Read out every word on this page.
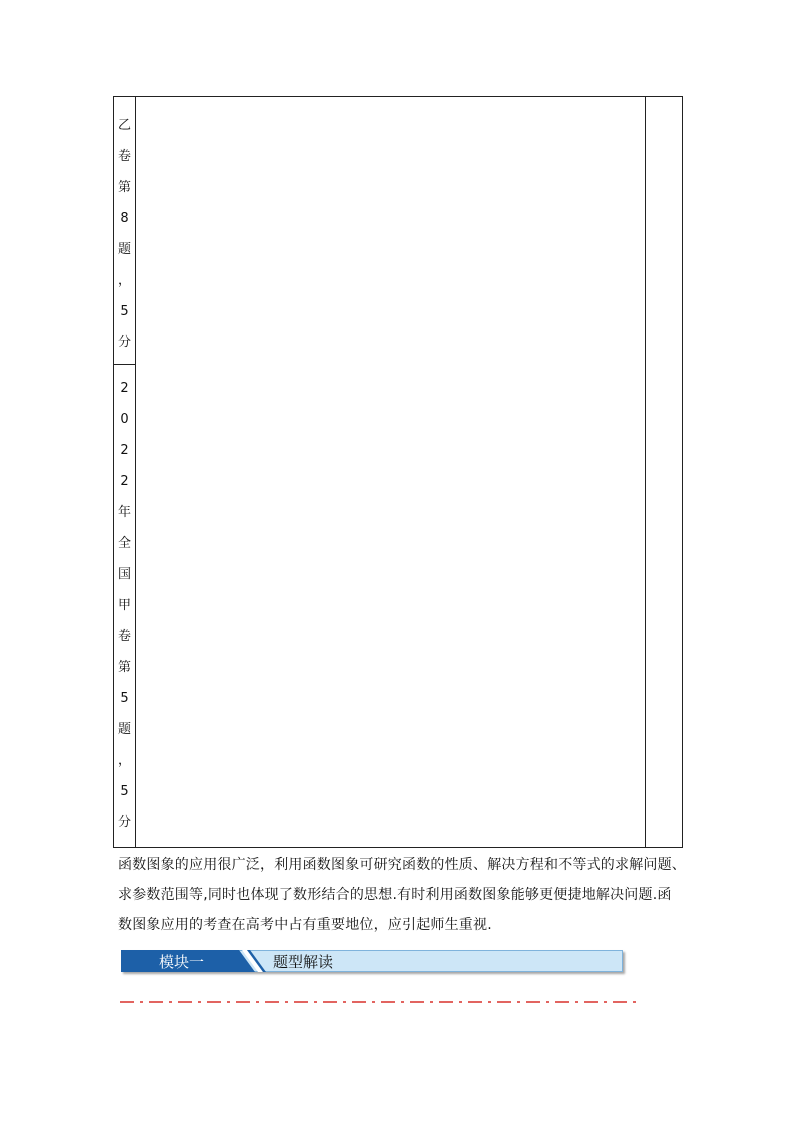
乙
卷
第
8
题
，
5
分
2
0
2
2
年
全
国
甲
卷
第
5
题
，
5
分
函数图象的应用很广泛，利用函数图象可研究函数的性质、解决方程和不等式的求解问题、
求参数范围等,同时也体现了数形结合的思想.有时利用函数图象能够更便捷地解决问题.函
数图象应用的考查在高考中占有重要地位，应引起师生重视.
模块一	题型解读
